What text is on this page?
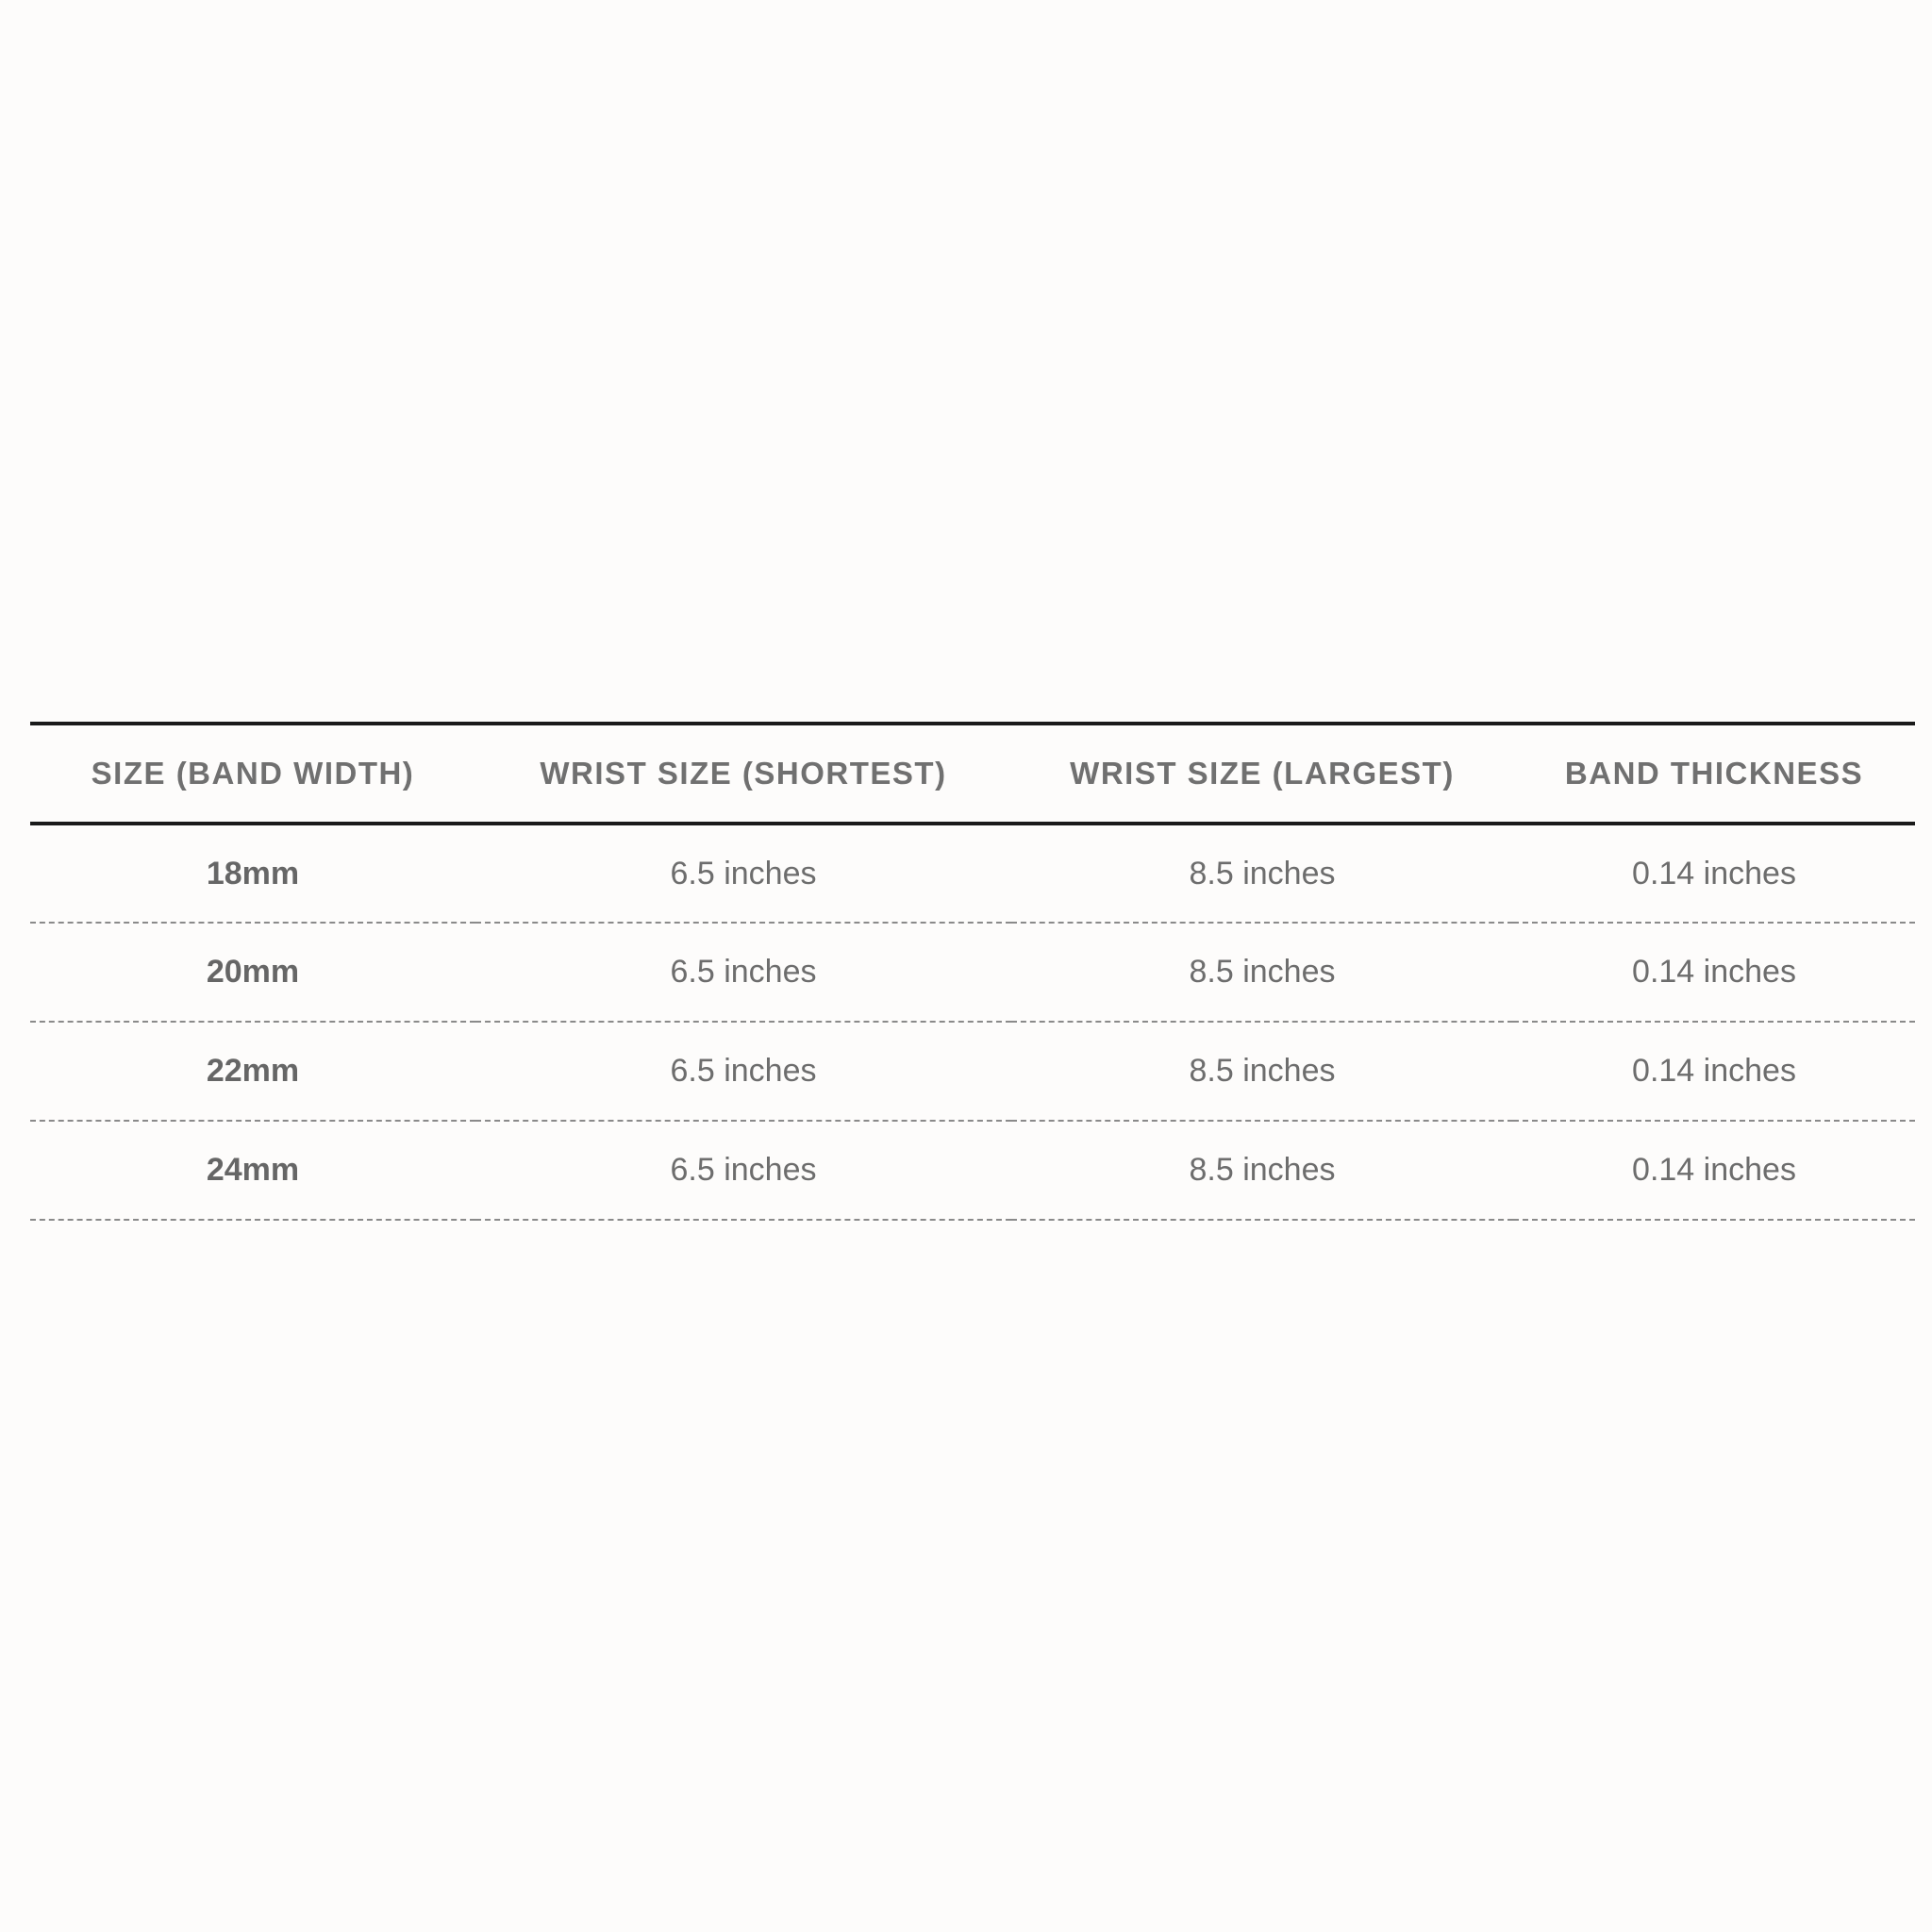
SIZE (BAND WIDTH)	WRIST SIZE (SHORTEST)	WRIST SIZE (LARGEST)	BAND THICKNESS
18mm	6.5 inches	8.5 inches	0.14 inches
20mm	6.5 inches	8.5 inches	0.14 inches
22mm	6.5 inches	8.5 inches	0.14 inches
24mm	6.5 inches	8.5 inches	0.14 inches
